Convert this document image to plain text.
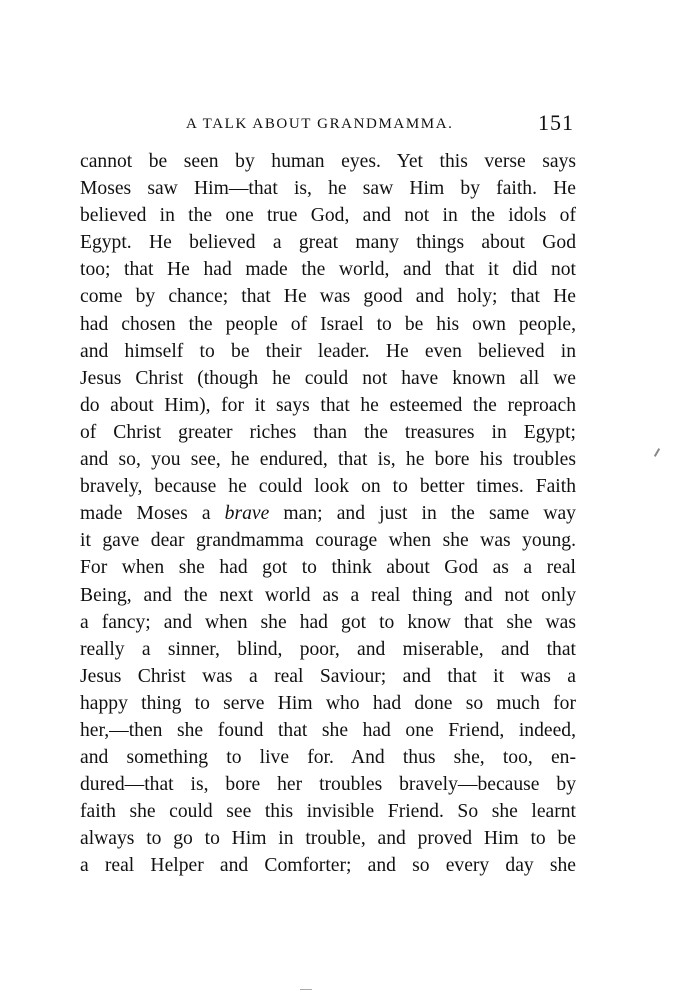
A TALK ABOUT GRANDMAMMA.	151
cannot be seen by human eyes. Yet this verse says
Moses saw Him—that is, he saw Him by faith. He
believed in the one true God, and not in the idols of
Egypt. He believed a great many things about God
too; that He had made the world, and that it did not
come by chance; that He was good and holy; that He
had chosen the people of Israel to be his own people,
and himself to be their leader. He even believed in
Jesus Christ (though he could not have known all we
do about Him), for it says that he esteemed the reproach
of Christ greater riches than the treasures in Egypt;
and so, you see, he endured, that is, he bore his troubles
bravely, because he could look on to better times. Faith
made Moses a brave man; and just in the same way
it gave dear grandmamma courage when she was young.
For when she had got to think about God as a real
Being, and the next world as a real thing and not only
a fancy; and when she had got to know that she was
really a sinner, blind, poor, and miserable, and that
Jesus Christ was a real Saviour; and that it was a
happy thing to serve Him who had done so much for
her,—then she found that she had one Friend, indeed,
and something to live for. And thus she, too, en-
dured—that is, bore her troubles bravely—because by
faith she could see this invisible Friend. So she learnt
always to go to Him in trouble, and proved Him to be
a real Helper and Comforter; and so every day she
